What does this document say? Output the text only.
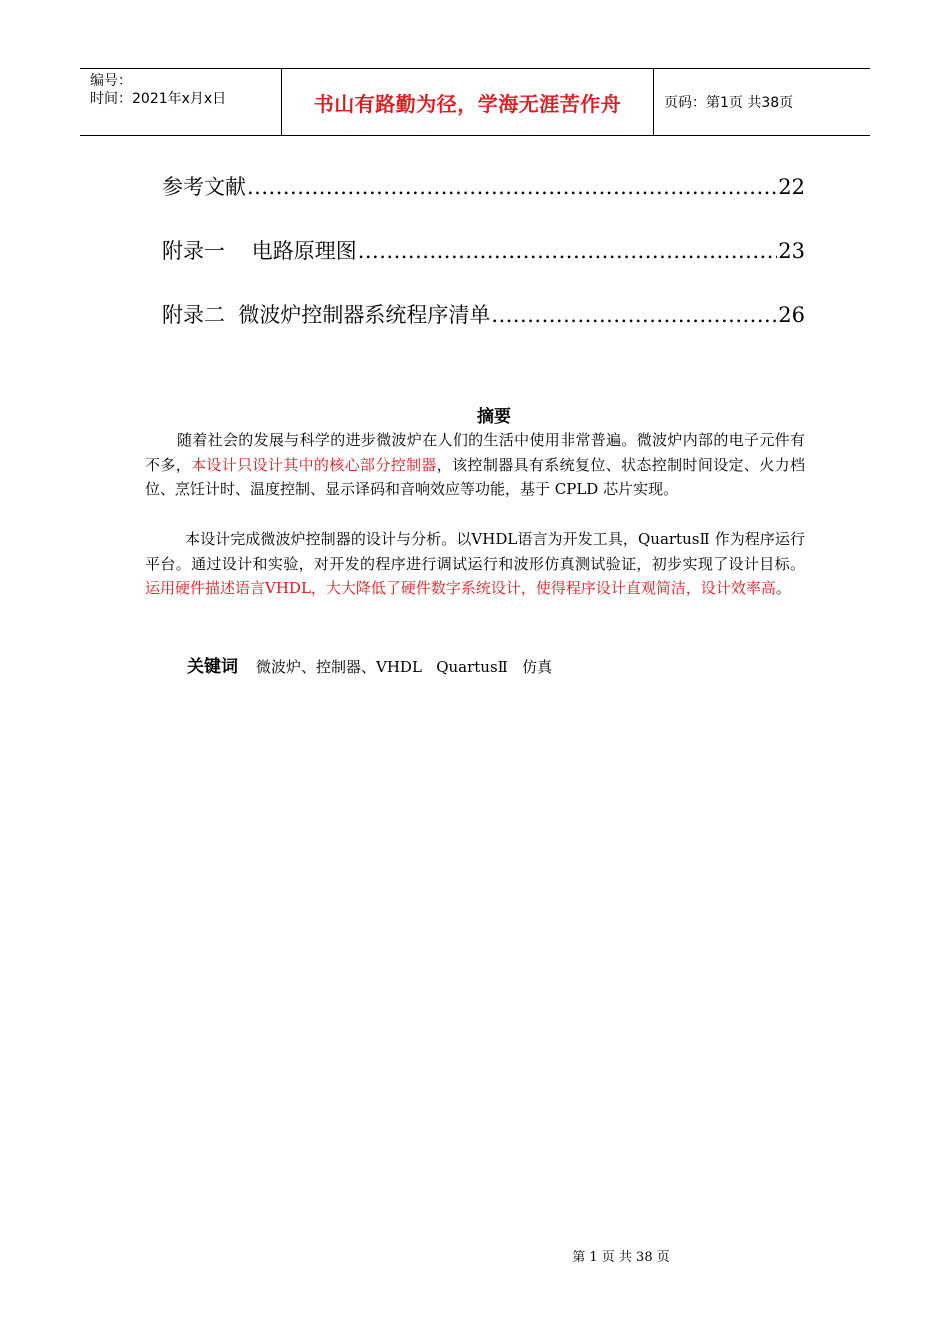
编号：
时间：2021年x月x日	书山有路勤为径，学海无涯苦作舟	页码：第1页 共38页
参考文献 .....	22
附录一    电路原理图 .....	23
附录二  微波炉控制器系统程序清单 .....	26
摘要
随着社会的发展与科学的进步微波炉在人们的生活中使用非常普遍。微波炉内部的电子元件有不多，本设计只设计其中的核心部分控制器，该控制器具有系统复位、状态控制时间设定、火力档位、烹饪计时、温度控制、显示译码和音响效应等功能，基于 CPLD 芯片实现。
本设计完成微波炉控制器的设计与分析。以VHDL语言为开发工具，QuartusⅡ 作为程序运行平台。通过设计和实验，对开发的程序进行调试运行和波形仿真测试验证，初步实现了设计目标。运用硬件描述语言VHDL，大大降低了硬件数字系统设计，使得程序设计直观简洁，设计效率高。
关键词 微波炉、控制器、VHDL   QuartusⅡ   仿真
第 1 页 共 38 页
